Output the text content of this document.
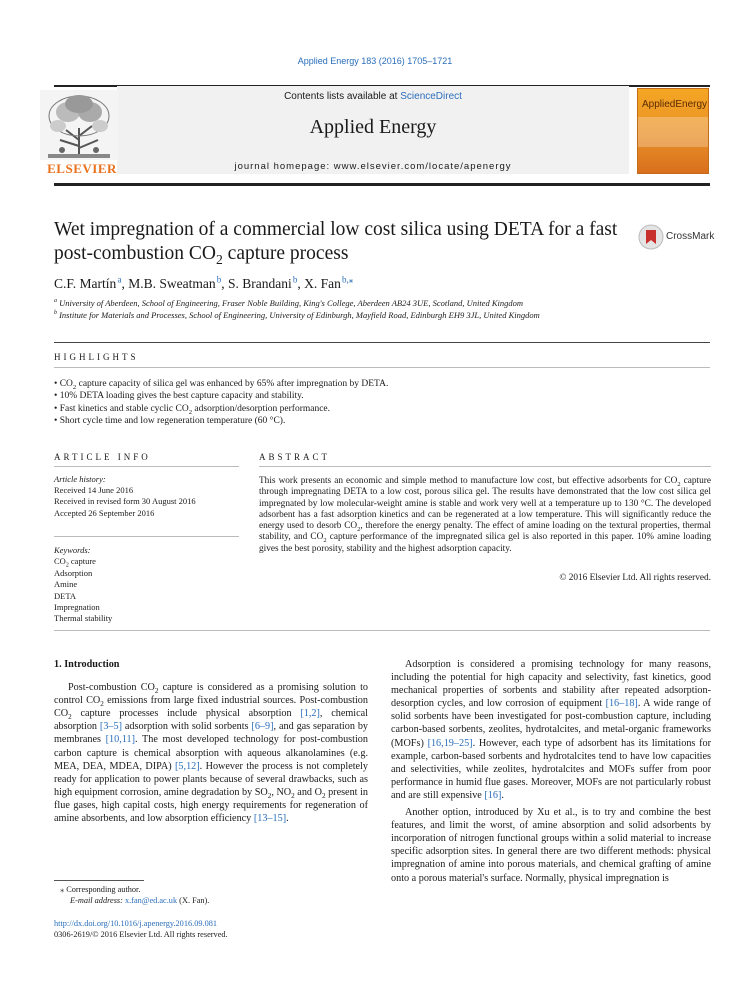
Applied Energy 183 (2016) 1705–1721
Contents lists available at ScienceDirect
Applied Energy
journal homepage: www.elsevier.com/locate/apenergy
ELSEVIER
AppliedEnergy
Wet impregnation of a commercial low cost silica using DETA for a fast
post-combustion $CO_2$ capture process
CrossMark
C.F. Martín $^a$, M.B. Sweatman $^b$, S. Brandani $^b$, X. Fan $^{b,⁎}$
$^a$ University of Aberdeen, School of Engineering, Fraser Noble Building, King's College, Aberdeen AB24 3UE, Scotland, United Kingdom
$^b$ Institute for Materials and Processes, School of Engineering, University of Edinburgh, Mayfield Road, Edinburgh EH9 3JL, United Kingdom
HIGHLIGHTS
• $CO_2$ capture capacity of silica gel was enhanced by 65% after impregnation by DETA.
• 10% DETA loading gives the best capture capacity and stability.
• Fast kinetics and stable cyclic $CO_2$ adsorption/desorption performance.
• Short cycle time and low regeneration temperature (60 °C).
ARTICLE INFO	ABSTRACT
Article history:
Received 14 June 2016
Received in revised form 30 August 2016
Accepted 26 September 2016
Keywords:
$CO_2$ capture
Adsorption
Amine
DETA
Impregnation
Thermal stability
This work presents an economic and simple method to manufacture low cost, but effective adsorbents for $CO_2$ capture through impregnating DETA to a low cost, porous silica gel. The results have demonstrated that the low cost silica gel impregnated by low molecular-weight amine is stable and work very well at a temperature up to 130 °C. The developed adsorbent has a fast adsorption kinetics and can be regenerated at a low temperature. This will significantly reduce the energy used to desorb $CO_2$, therefore the energy penalty. The effect of amine loading on the textural properties, thermal stability, and $CO_2$ capture performance of the impregnated silica gel is also reported in this paper. 10% amine loading gives the best porosity, stability and the highest adsorption capacity.
© 2016 Elsevier Ltd. All rights reserved.
1. Introduction
Post-combustion $CO_2$ capture is considered as a promising solution to control $CO_2$ emissions from large fixed industrial sources. Post-combustion $CO_2$ capture processes include physical absorption [1,2], chemical absorption [3–5] adsorption with solid sorbents [6–9], and gas separation by membranes [10,11]. The most developed technology for post-combustion carbon capture is chemical absorption with aqueous alkanolamines (e.g. MEA, DEA, MDEA, DIPA) [5,12]. However the process is not completely ready for application to power plants because of several drawbacks, such as high equipment corrosion, amine degradation by $SO_2$, $NO_2$ and $O_2$ present in flue gases, high capital costs, high energy requirements for regeneration of amine absorbents, and low absorption efficiency [13–15].
Adsorption is considered a promising technology for many reasons, including the potential for high capacity and selectivity, fast kinetics, good mechanical properties of sorbents and stability after repeated adsorption-desorption cycles, and low corrosion of equipment [16–18]. A wide range of solid sorbents have been investigated for post-combustion capture, including carbon-based sorbents, zeolites, hydrotalcites, and metal-organic frameworks (MOFs) [16,19–25]. However, each type of adsorbent has its limitations for example, carbon-based sorbents and hydrotalcites tend to have low capacities and selectivities, while zeolites, hydrotalcites and MOFs suffer from poor performance in humid flue gases. Moreover, MOFs are not particularly robust and are still expensive [16].
Another option, introduced by Xu et al., is to try and combine the best features, and limit the worst, of amine absorption and solid adsorbents by incorporation of nitrogen functional groups within a solid material to increase specific adsorption sites. In general there are two different methods: physical impregnation of amine into porous materials, and chemical grafting of amine onto a porous material's surface. Normally, physical impregnation is
⁎ Corresponding author.
E-mail address: x.fan@ed.ac.uk (X. Fan).
http://dx.doi.org/10.1016/j.apenergy.2016.09.081
0306-2619/© 2016 Elsevier Ltd. All rights reserved.
